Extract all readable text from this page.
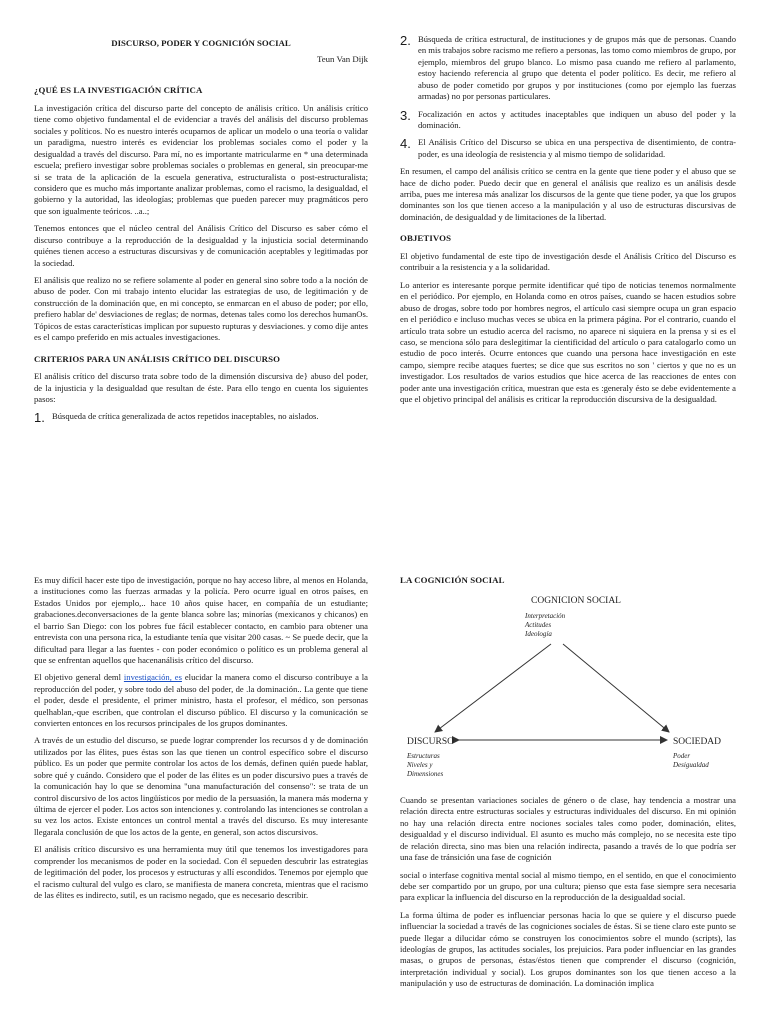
DISCURSO, PODER Y COGNICIÓN SOCIAL
Teun Van Dijk
¿QUÉ ES LA INVESTIGACIÓN CRÍTICA

La investigación crítica del discurso parte del concepto de análisis crítico. Un análisis crítico tiene como objetivo fundamental el de evidenciar a través del análisis del discurso problemas sociales y políticos. No es nuestro interés ocuparnos de aplicar un modelo o una teoría o validar un paradigma, nuestro interés es evidenciar los problemas sociales como el poder y la desigualdad a través del discurso. Para mí, no es importante matricularme en * una determinada escuela; prefiero investigar sobre problemas sociales o problemas en general, sin preocupar-me si se trata de la aplicación de la escuela generativa, estructuralista o post-estructuralista; considero que es mucho más importante analizar problemas, como el racismo, la desigualdad, el gobierno y la autoridad, las ideologías; problemas que pueden parecer muy pragmáticos pero que son igualmente teóricos. ..a..;

Tenemos entonces que el núcleo central del Análisis Crítico del Discurso es saber cómo el discurso contribuye a la reproducción de la desigualdad y la injusticia social determinando quiénes tienen acceso a estructuras discursivas y de comunicación aceptables y legitimadas por la sociedad.

El análisis que realizo no se refiere solamente al poder en general sino sobre todo a la noción de abuso de poder. Con mi trabajo intento elucidar las estrategias de uso, de legitimación y de construcción de la dominación que, en mi concepto, se enmarcan en el abuso de poder; por ello, prefiero hablar de' desviaciones de reglas; de normas, detenas tales como los derechos humanOs. Tópicos de estas características implican por supuesto rupturas y desviaciones. y como dije antes es el campo preferido en mis actuales investigaciones.

CRITERIOS PARA UN ANÁLISIS CRÍTICO DEL DISCURSO

El análisis crítico del discurso trata sobre todo de la dimensión discursiva de} abuso del poder, de la injusticia y la desigualdad que resultan de éste. Para ello tengo en cuenta los siguientes pasos:

1. Búsqueda de crítica generalizada de actos repetidos inaceptables, no aislados.
2. Búsqueda de crítica estructural, de instituciones y de grupos más que de personas. Cuando en mis trabajos sobre racismo me refiero a personas, las tomo como miembros de grupo, por ejemplo, miembros del grupo blanco. Lo mismo pasa cuando me refiero al parlamento, estoy haciendo referencia al grupo que detenta el poder político. Es decir, me refiero al abuso de poder cometido por grupos y por instituciones (como por ejemplo las fuerzas armadas) no por personas particulares.
3. Focalización en actos y actitudes inaceptables que indiquen un abuso del poder y la dominación.
4. El Análisis Crítico del Discurso se ubica en una perspectiva de disentimiento, de contra-poder, es una ideología de resistencia y al mismo tiempo de solidaridad.

En resumen, el campo del análisis crítico se centra en la gente que tiene poder y el abuso que se hace de dicho poder. Puedo decir que en general el análisis que realizo es un análisis desde arriba, pues me interesa más analizar los discursos de la gente que tiene poder, ya que los grupos dominantes son los que tienen acceso a la manipulación y al uso de estructuras discursivas de dominación, de desigualdad y de limitaciones de la libertad.

OBJETIVOS

El objetivo fundamental de este tipo de investigación desde el Análisis Crítico del Discurso es contribuir a la resistencia y a la solidaridad.

Lo anterior es interesante porque permite identificar qué tipo de noticias tenemos normalmente en el periódico. Por ejemplo, en Holanda como en otros países, cuando se hacen estudios sobre abuso de drogas, sobre todo por hombres negros, el artículo casi siempre ocupa un gran espacio en el periódico e incluso muchas veces se ubica en la primera página. Por el contrario, cuando el artículo trata sobre un estudio acerca del racismo, no aparece ni siquiera en la prensa y si es el caso, se menciona sólo para deslegitimar la cientificidad del artículo o para catalogarlo como un estudio de poco interés. Ocurre entonces que cuando una persona hace investigación en este campo, siempre recibe ataques fuertes; se dice que sus escritos no son ' ciertos y que no es un investigador. Los resultados de varios estudios que hice acerca de las reacciones de entes con poder ante una investigación crítica, muestran que esta es :generaly ésto se debe evidentemente a que el objetivo principal del análisis es criticar la reproducción discursiva de la desigualdad.

Es muy difícil hacer este tipo de investigación, porque no hay acceso libre, al menos en Holanda, a instituciones como las fuerzas armadas y la policía. Pero ocurre igual en otros países, en Estados Unidos por ejemplo,.. hace 10 años quise hacer, en compañía de un estudiante; grabaciones.deconversaciones de la gente blanca sobre las; minorías (mexicanos y chicanos) en el barrio San Diego: con los pobres fue fácil establecer contacto, en cambio para obtener una entrevista con una persona rica, la estudiante tenía que visitar 200 casas. ~ Se puede decir, que la dificultad para llegar a las fuentes - con poder económico o político es un problema general al que se enfrentan aquellos que hacenanálisis crítico del discurso.

El objetivo general deml investigación, es elucidar la manera como el discurso contribuye a la reproducción del poder, y sobre todo del abuso del poder, de .la dominación.. La gente que tiene el poder, desde el presidente, el primer ministro, hasta el profesor, el médico, son personas quelhablan,-que escriben, que controlan el discurso público. El discurso y la comunicación se convierten entonces en los recursos principales de los grupos dominantes.

A través de un estudio del discurso, se puede lograr comprender los recursos d y de dominación utilizados por las élites, pues éstas son las que tienen un control específico sobre el discurso público. Es un poder que permite controlar los actos de los demás, definen quién puede hablar, sobre qué y cuándo. Considero que el poder de las élites es un poder discursivo pues a través de la comunicación hay lo que se denomina "una manufacturación del consenso": se trata de un control discursivo de los actos lingüísticos por medio de la persuasión, la manera más moderna y última de ejercer el poder. Los actos son intenciones y. controlando las intenciones se controlan a su vez los actos. Existe entonces un control mental a través del discurso. Es muy interesante llegarala conclusión de que los actos de la gente, en general, son actos discursivos.

El análisis crítico discursivo es una herramienta muy útil que tenemos los investigadores para comprender los mecanismos de poder en la sociedad. Con él sepueden descubrir las estrategias de legitimación del poder, los procesos y estructuras y allí escondidos. Tenemos por ejemplo que el racismo cultural del vulgo es claro, se manifiesta de manera concreta, mientras que el racismo de las élites es indirecto, sutil, es un racismo negado, que es necesario describir.

LA COGNICIÓN SOCIAL
COGNICION SOCIAL
Interpretación
Actitudes
Ideología
DISCURSO
Estructuras
Niveles y
Dimensiones
SOCIEDAD
Poder
Desigualdad

Cuando se presentan variaciones sociales de género o de clase, hay tendencia a mostrar una relación directa entre estructuras sociales y estructuras individuales del discurso. En mi opinión no hay una relación directa entre nociones sociales tales como poder, dominación, elites, desigualdad y el discurso individual. El asunto es mucho más complejo, no se necesita este tipo de relación directa, sino mas bien una relación indirecta, pasando a través de lo que podría ser una fase de tránsición una fase de cognición

social o interfase cognitiva mental social al mismo tiempo, en el sentido, en que el conocimiento debe ser compartido por un grupo, por una cultura; pienso que esta fase siempre sera necesaria para explicar la influencia del discurso en la reproducción de la desigualdad social.

La forma última de poder es influenciar personas hacia lo que se quiere y el discurso puede influenciar la sociedad a través de las cogniciones sociales de éstas. Si se tiene claro este punto se puede llegar a dilucidar cómo se construyen los conocimientos sobre el mundo (scripts), las ideologías de grupos, las actitudes sociales, los prejuicios. Para poder influenciar en las grandes masas, o grupos de personas, éstas/éstos tienen que comprender el discurso (cognición, interpretación individual y social). Los grupos dominantes son los que tienen acceso a la manipulación y uso de estructuras de dominación. La dominación implica
